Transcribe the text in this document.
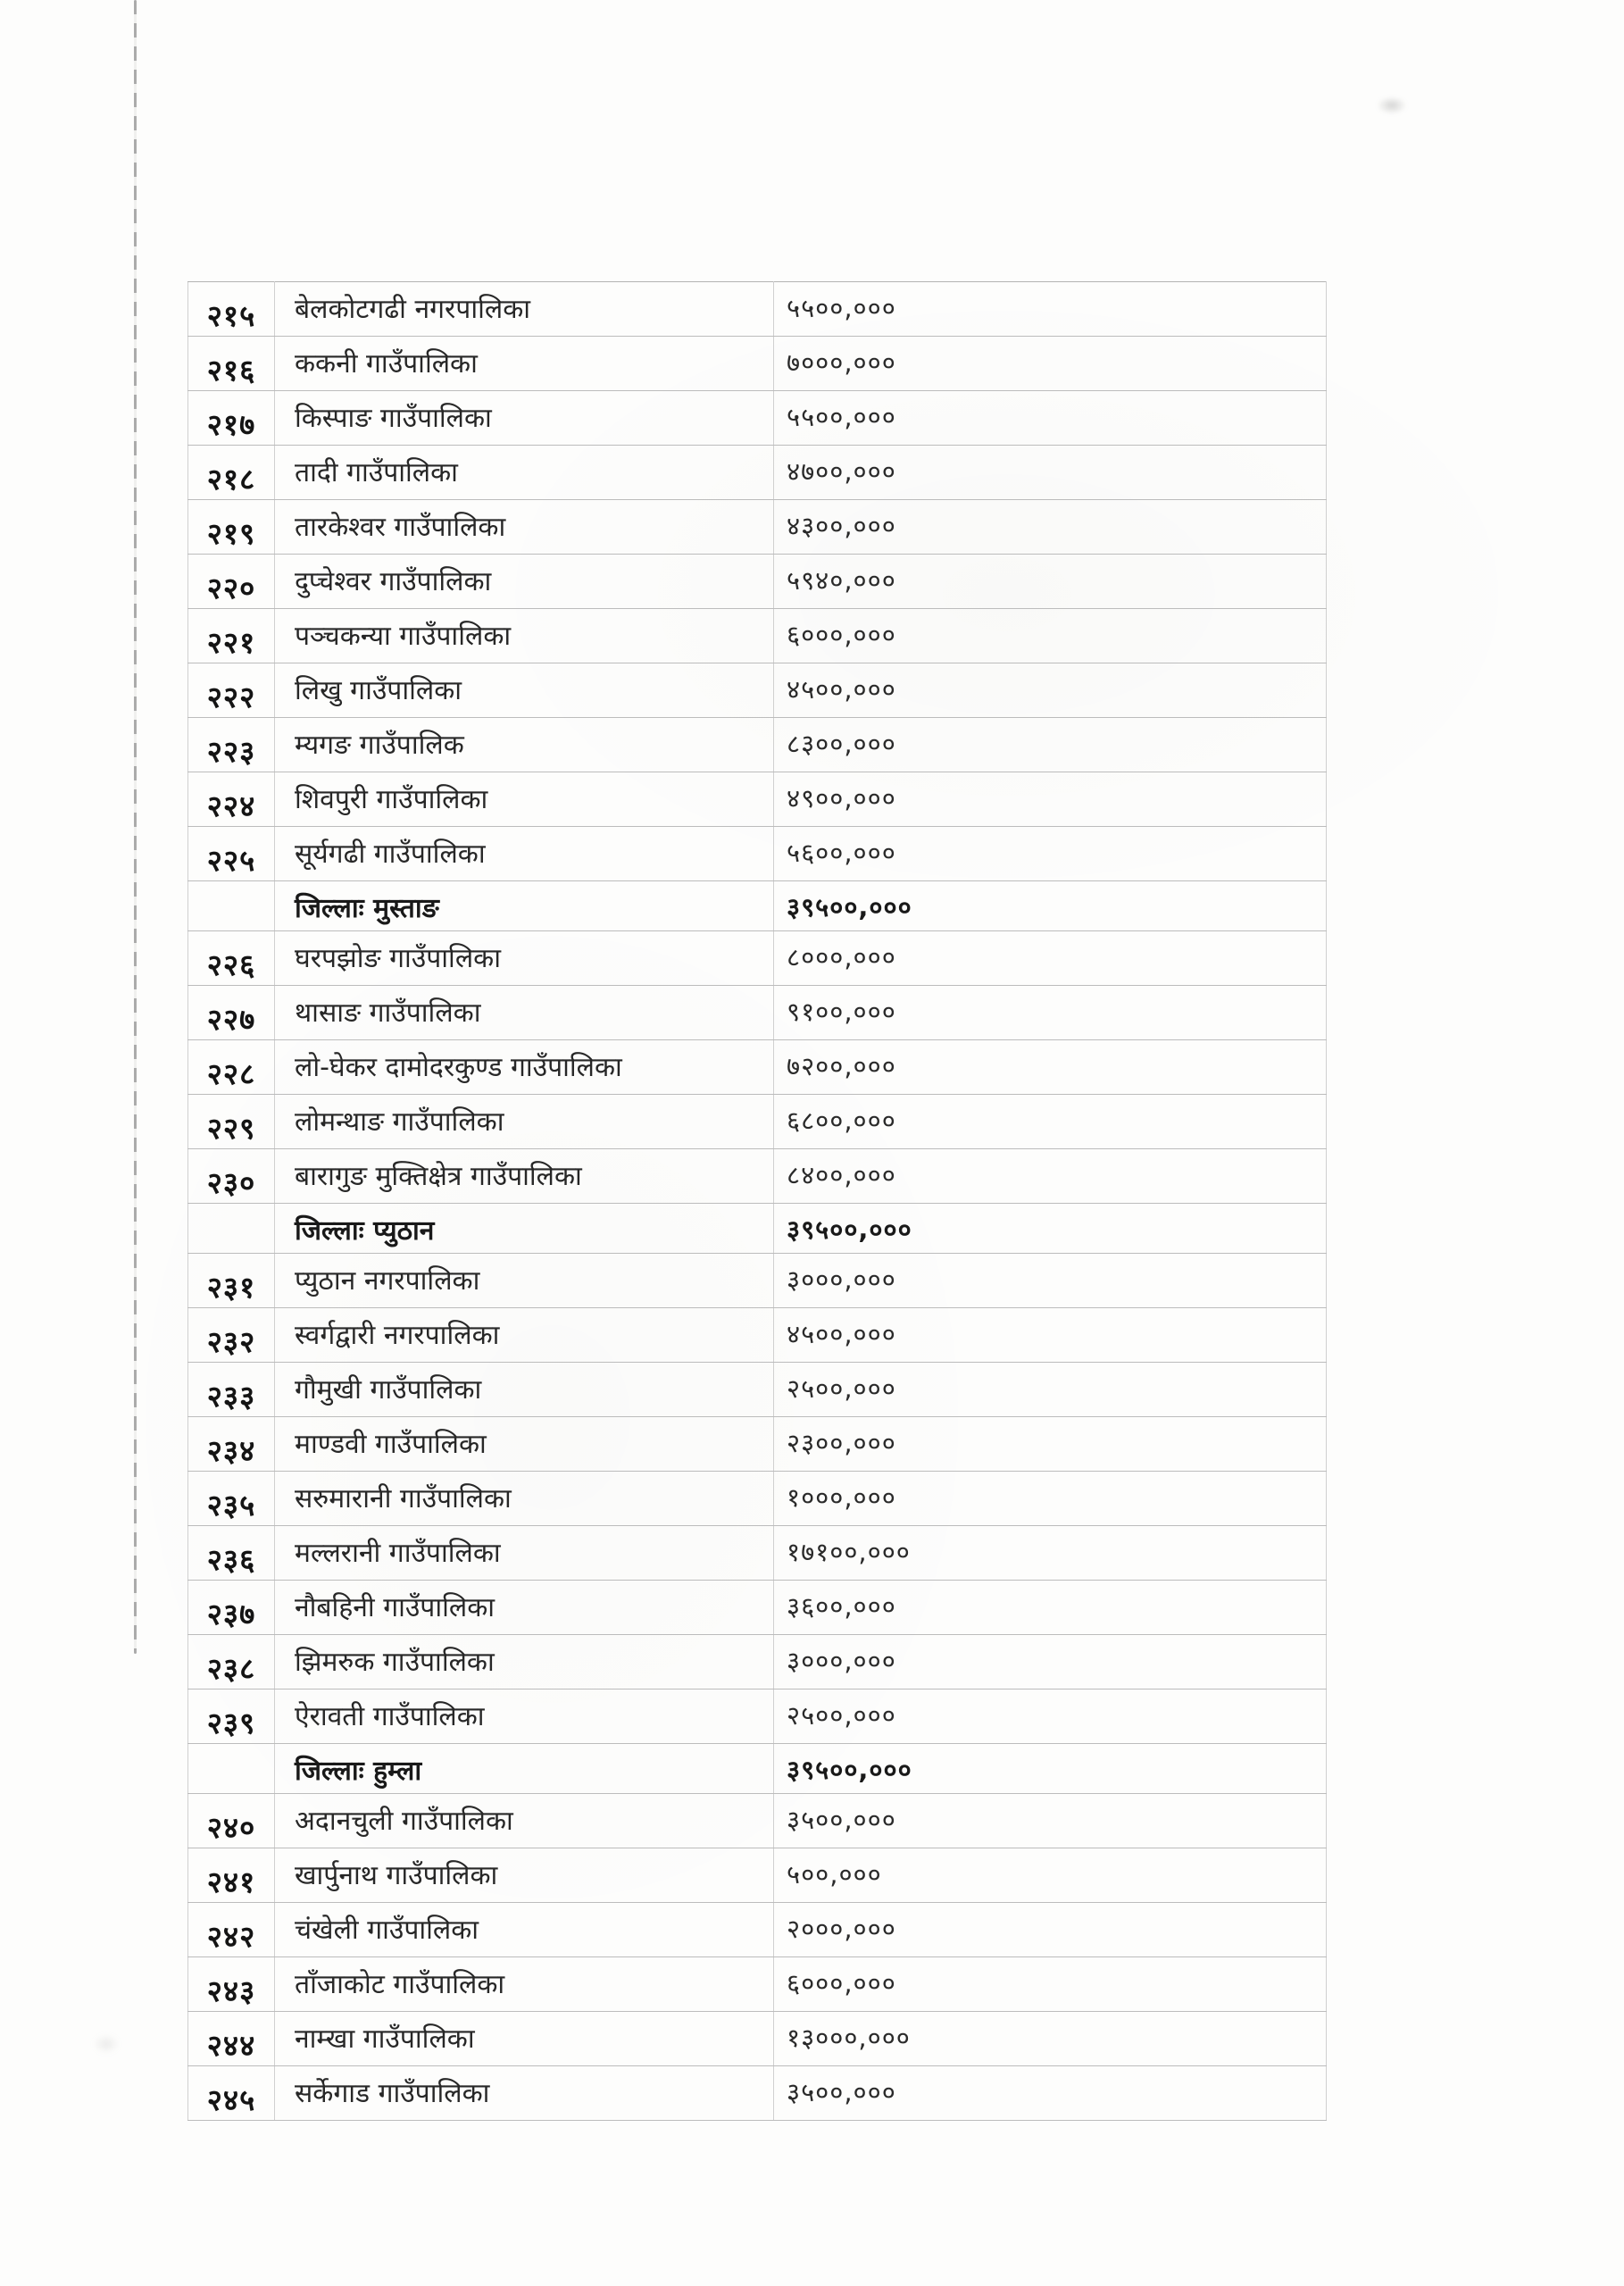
२१५	बेलकोटगढी नगरपालिका	५५००,०००
२१६	ककनी गाउँपालिका	७०००,०००
२१७	किस्पाङ गाउँपालिका	५५००,०००
२१८	तादी गाउँपालिका	४७००,०००
२१९	तारकेश्वर गाउँपालिका	४३००,०००
२२०	दुप्चेश्वर गाउँपालिका	५९४०,०००
२२१	पञ्चकन्या गाउँपालिका	६०००,०००
२२२	लिखु गाउँपालिका	४५००,०००
२२३	म्यगङ गाउँपालिक	८३००,०००
२२४	शिवपुरी गाउँपालिका	४९००,०००
२२५	सूर्यगढी गाउँपालिका	५६००,०००
	जिल्लाः मुस्ताङ	३९५००,०००
२२६	घरपझोङ गाउँपालिका	८०००,०००
२२७	थासाङ गाउँपालिका	९१००,०००
२२८	लो-घेकर दामोदरकुण्ड गाउँपालिका	७२००,०००
२२९	लोमन्थाङ गाउँपालिका	६८००,०००
२३०	बारागुङ मुक्तिक्षेत्र गाउँपालिका	८४००,०००
	जिल्लाः प्युठान	३९५००,०००
२३१	प्युठान नगरपालिका	३०००,०००
२३२	स्वर्गद्वारी नगरपालिका	४५००,०००
२३३	गौमुखी गाउँपालिका	२५००,०००
२३४	माण्डवी गाउँपालिका	२३००,०००
२३५	सरुमारानी गाउँपालिका	१०००,०००
२३६	मल्लरानी गाउँपालिका	१७१००,०००
२३७	नौबहिनी गाउँपालिका	३६००,०००
२३८	झिमरुक गाउँपालिका	३०००,०००
२३९	ऐरावती गाउँपालिका	२५००,०००
	जिल्लाः हुम्ला	३९५००,०००
२४०	अदानचुली गाउँपालिका	३५००,०००
२४१	खार्पुनाथ गाउँपालिका	५००,०००
२४२	चंखेली गाउँपालिका	२०००,०००
२४३	ताँजाकोट गाउँपालिका	६०००,०००
२४४	नाम्खा गाउँपालिका	१३०००,०००
२४५	सर्केगाड गाउँपालिका	३५००,०००
